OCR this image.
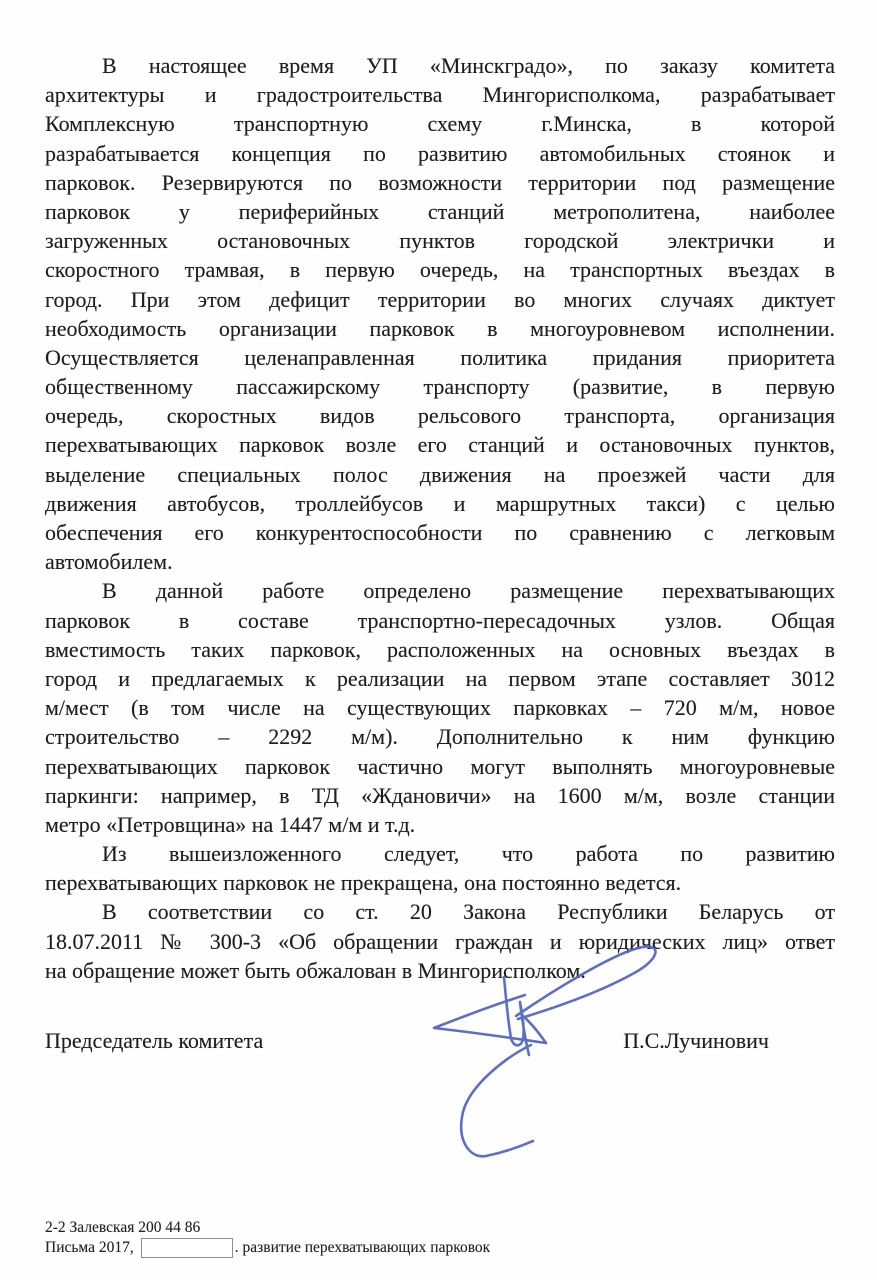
В настоящее время УП «Минскградо», по заказу комитета
архитектуры и градостроительства Мингорисполкома, разрабатывает
Комплексную транспортную схему г.Минска, в которой
разрабатывается концепция по развитию автомобильных стоянок и
парковок. Резервируются по возможности территории под размещение
парковок у периферийных станций метрополитена, наиболее
загруженных остановочных пунктов городской электрички и
скоростного трамвая, в первую очередь, на транспортных въездах в
город. При этом дефицит территории во многих случаях диктует
необходимость организации парковок в многоуровневом исполнении.
Осуществляется целенаправленная политика придания приоритета
общественному пассажирскому транспорту (развитие, в первую
очередь, скоростных видов рельсового транспорта, организация
перехватывающих парковок возле его станций и остановочных пунктов,
выделение специальных полос движения на проезжей части для
движения автобусов, троллейбусов и маршрутных такси) с целью
обеспечения его конкурентоспособности по сравнению с легковым
автомобилем.
В данной работе определено размещение перехватывающих
парковок в составе транспортно-пересадочных узлов. Общая
вместимость таких парковок, расположенных на основных въездах в
город и предлагаемых к реализации на первом этапе составляет 3012
м/мест (в том числе на существующих парковках – 720 м/м, новое
строительство – 2292 м/м). Дополнительно к ним функцию
перехватывающих парковок частично могут выполнять многоуровневые
паркинги: например, в ТД «Ждановичи» на 1600 м/м, возле станции
метро «Петровщина» на 1447 м/м и т.д.
Из вышеизложенного следует, что работа по развитию
перехватывающих парковок не прекращена, она постоянно ведется.
В соответствии со ст. 20 Закона Республики Беларусь от
18.07.2011 № 300-3 «Об обращении граждан и юридических лиц» ответ
на обращение может быть обжалован в Мингорисполком.
Председатель комитета	П.С.Лучинович
2-2 Залевская 200 44 86
Письма 2017,	. развитие перехватывающих парковок
